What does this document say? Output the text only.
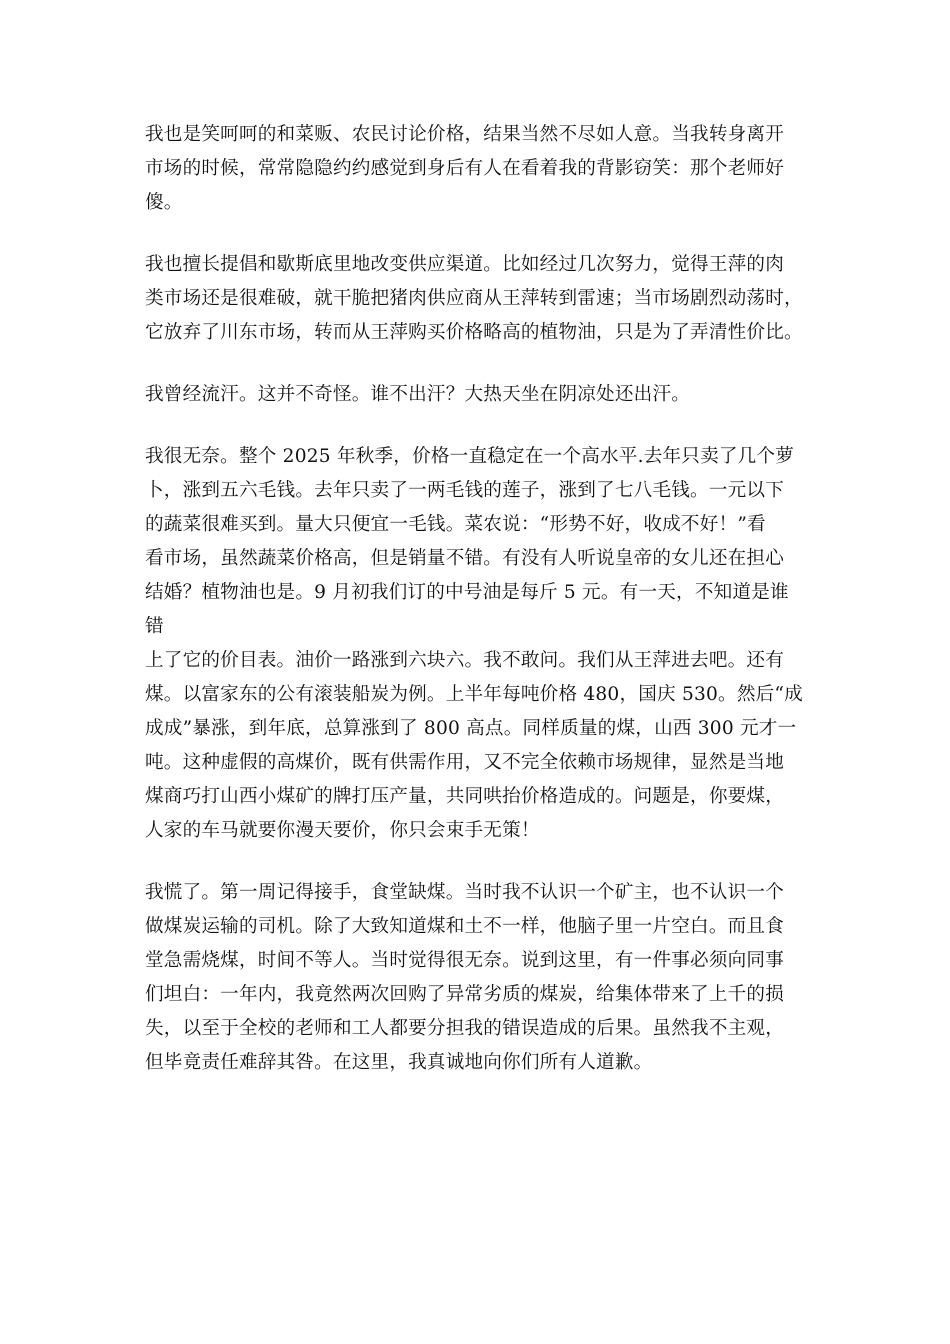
我也是笑呵呵的和菜贩、农民讨论价格，结果当然不尽如人意。当我转身离开
市场的时候，常常隐隐约约感觉到身后有人在看着我的背影窃笑：那个老师好
傻。

我也擅长提倡和歇斯底里地改变供应渠道。比如经过几次努力，觉得王萍的肉
类市场还是很难破，就干脆把猪肉供应商从王萍转到雷速；当市场剧烈动荡时，
它放弃了川东市场，转而从王萍购买价格略高的植物油，只是为了弄清性价比。

我曾经流汗。这并不奇怪。谁不出汗？大热天坐在阴凉处还出汗。

我很无奈。整个 2025 年秋季，价格一直稳定在一个高水平.去年只卖了几个萝
卜，涨到五六毛钱。去年只卖了一两毛钱的莲子，涨到了七八毛钱。一元以下
的蔬菜很难买到。量大只便宜一毛钱。菜农说：“形势不好，收成不好！”看
看市场，虽然蔬菜价格高，但是销量不错。有没有人听说皇帝的女儿还在担心
结婚？植物油也是。9 月初我们订的中号油是每斤 5 元。有一天，不知道是谁错
上了它的价目表。油价一路涨到六块六。我不敢问。我们从王萍进去吧。还有
煤。以富家东的公有滚装船炭为例。上半年每吨价格 480，国庆 530。然后“成
成成”暴涨，到年底，总算涨到了 800 高点。同样质量的煤，山西 300 元才一
吨。这种虚假的高煤价，既有供需作用，又不完全依赖市场规律，显然是当地
煤商巧打山西小煤矿的牌打压产量，共同哄抬价格造成的。问题是，你要煤，
人家的车马就要你漫天要价，你只会束手无策！

我慌了。第一周记得接手，食堂缺煤。当时我不认识一个矿主，也不认识一个
做煤炭运输的司机。除了大致知道煤和土不一样，他脑子里一片空白。而且食
堂急需烧煤，时间不等人。当时觉得很无奈。说到这里，有一件事必须向同事
们坦白：一年内，我竟然两次回购了异常劣质的煤炭，给集体带来了上千的损
失，以至于全校的老师和工人都要分担我的错误造成的后果。虽然我不主观，
但毕竟责任难辞其咎。在这里，我真诚地向你们所有人道歉。
